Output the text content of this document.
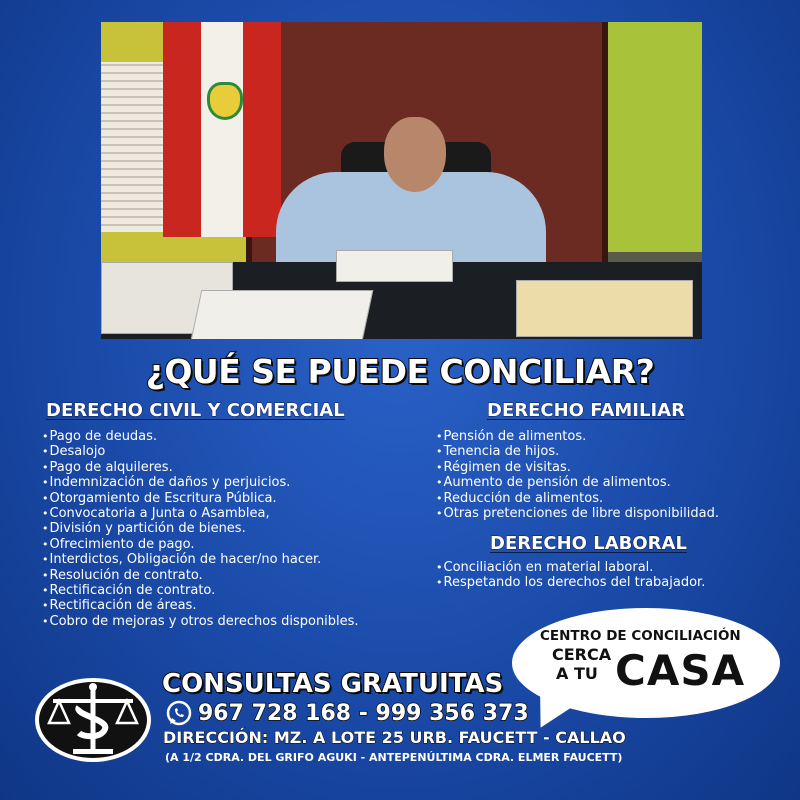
¿QUÉ SE PUEDE CONCILIAR?
DERECHO CIVIL Y COMERCIAL
• Pago de deudas.
• Desalojo
• Pago de alquileres.
• Indemnización de daños y perjuicios.
• Otorgamiento de Escritura Pública.
• Convocatoria a Junta o Asamblea,
• División y partición de bienes.
• Ofrecimiento de pago.
• Interdictos, Obligación de hacer/no hacer.
• Resolución de contrato.
• Rectificación de contrato.
• Rectificación de áreas.
• Cobro de mejoras y otros derechos disponibles.
DERECHO FAMILIAR
• Pensión de alimentos.
• Tenencia de hijos.
• Régimen de visitas.
• Aumento de pensión de alimentos.
• Reducción de alimentos.
• Otras pretenciones de libre disponibilidad.
DERECHO LABORAL
• Conciliación en material laboral.
• Respetando los derechos del trabajador.
CENTRO DE CONCILIACIÓN
CERCA
A TU CASA
CONSULTAS GRATUITAS
967 728 168 - 999 356 373
DIRECCIÓN: MZ. A LOTE 25 URB. FAUCETT - CALLAO
(A 1/2 CDRA. DEL GRIFO AGUKI - ANTEPENÚLTIMA CDRA. ELMER FAUCETT)
